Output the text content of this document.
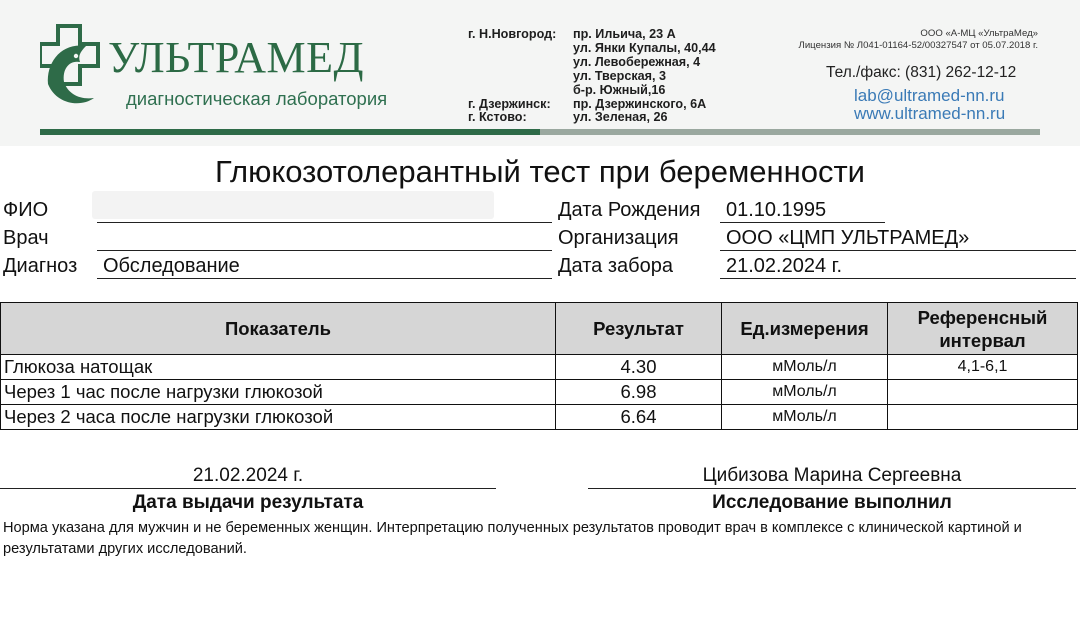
УЛЬТРАМЕД
диагностическая лаборатория
г. Н.Новгород: пр. Ильича, 23 А
ул. Янки Купалы, 40,44
ул. Левобережная, 4
ул. Тверская, 3
б-р. Южный,16
г. Дзержинск: пр. Дзержинского, 6А
г. Кстово:	ул. Зеленая, 26
ООО «А-МЦ «УльтраМед»
Лицензия № Л041-01164-52/00327547 от 05.07.2018 г.
Тел./факс: (831) 262-12-12
lab@ultramed-nn.ru
www.ultramed-nn.ru
Глюкозотолерантный тест при беременности
ФИО
Врач
Диагноз Обследование
Дата Рождения 01.10.1995
Организация ООО «ЦМП УЛЬТРАМЕД»
Дата забора	21.02.2024 г.
Показатель	Результат	Ед.измерения	Референсный
интервал

Глюкоза натощак	4.30	мМоль/л	4,1-6,1
Через 1 час после нагрузки глюкозой	6.98	мМоль/л	
Через 2 часа после нагрузки глюкозой	6.64	мМоль/л	
21.02.2024 г.
Дата выдачи результата
Цибизова Марина Сергеевна
Исследование выполнил
Норма указана для мужчин и не беременных женщин. Интерпретацию полученных результатов проводит врач в комплексе с клинической картиной и результатами других исследований.
